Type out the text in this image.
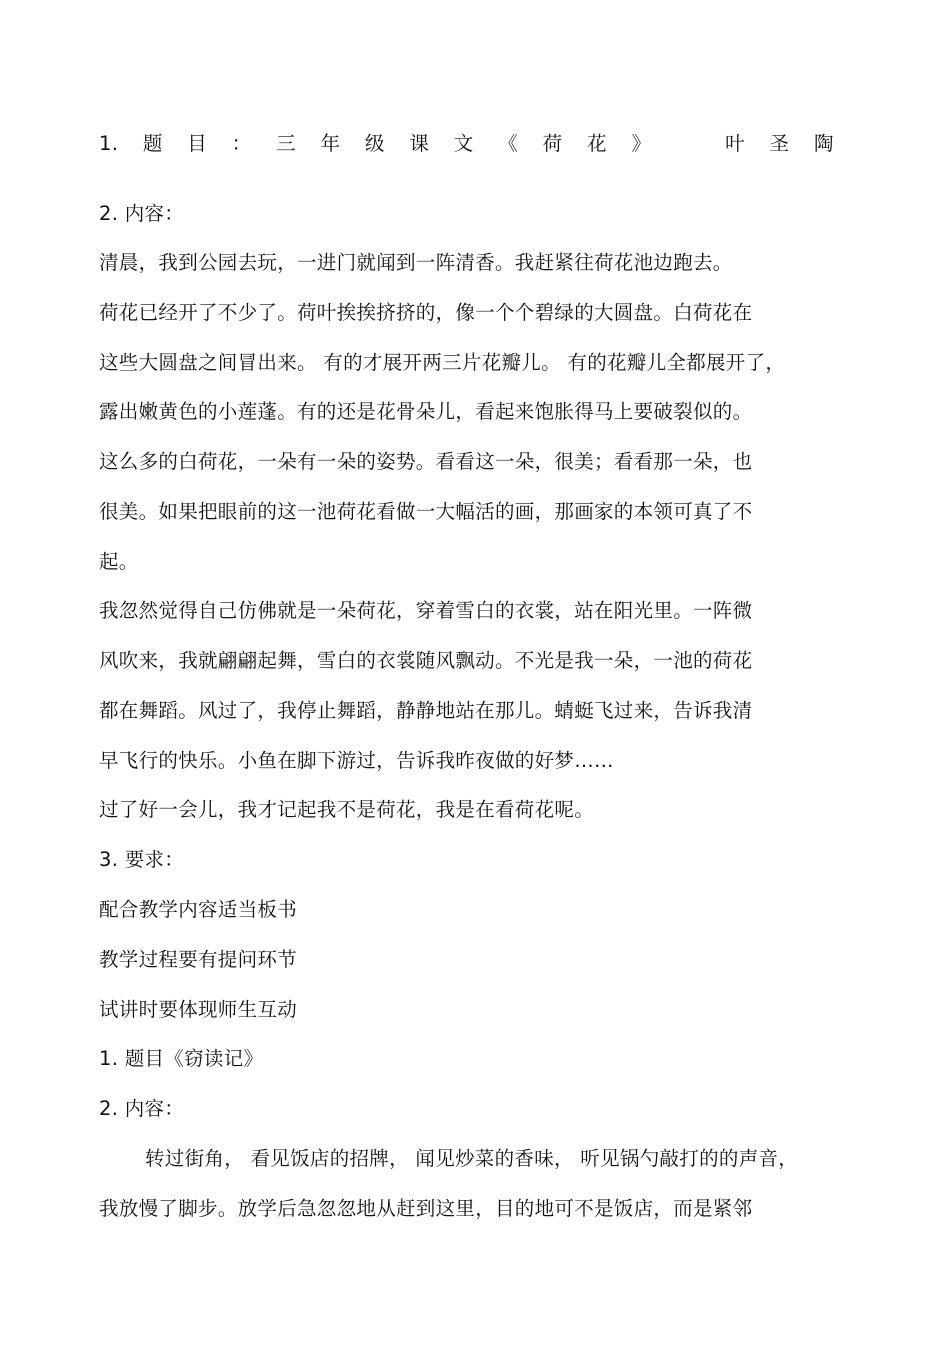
1. 题 目 ： 三 年 级 课 文 《 荷 花 》	叶 圣 陶
2. 内容：
清晨，我到公园去玩，一进门就闻到一阵清香。我赶紧往荷花池边跑去。
荷花已经开了不少了。荷叶挨挨挤挤的，像一个个碧绿的大圆盘。白荷花在
这些大圆盘之间冒出来。 有的才展开两三片花瓣儿。 有的花瓣儿全都展开了，
露出嫩黄色的小莲蓬。有的还是花骨朵儿，看起来饱胀得马上要破裂似的。
这么多的白荷花，一朵有一朵的姿势。看看这一朵，很美；看看那一朵，也
很美。如果把眼前的这一池荷花看做一大幅活的画，那画家的本领可真了不
起。
我忽然觉得自己仿佛就是一朵荷花，穿着雪白的衣裳，站在阳光里。一阵微
风吹来，我就翩翩起舞，雪白的衣裳随风飘动。不光是我一朵，一池的荷花
都在舞蹈。风过了，我停止舞蹈，静静地站在那儿。蜻蜓飞过来，告诉我清
早飞行的快乐。小鱼在脚下游过，告诉我昨夜做的好梦……
过了好一会儿，我才记起我不是荷花，我是在看荷花呢。
3. 要求：
配合教学内容适当板书
教学过程要有提问环节
试讲时要体现师生互动
1. 题目《窃读记》
2. 内容：
转过街角， 看见饭店的招牌， 闻见炒菜的香味， 听见锅勺敲打的的声音，
我放慢了脚步。放学后急忽忽地从赶到这里，目的地可不是饭店，而是紧邻
